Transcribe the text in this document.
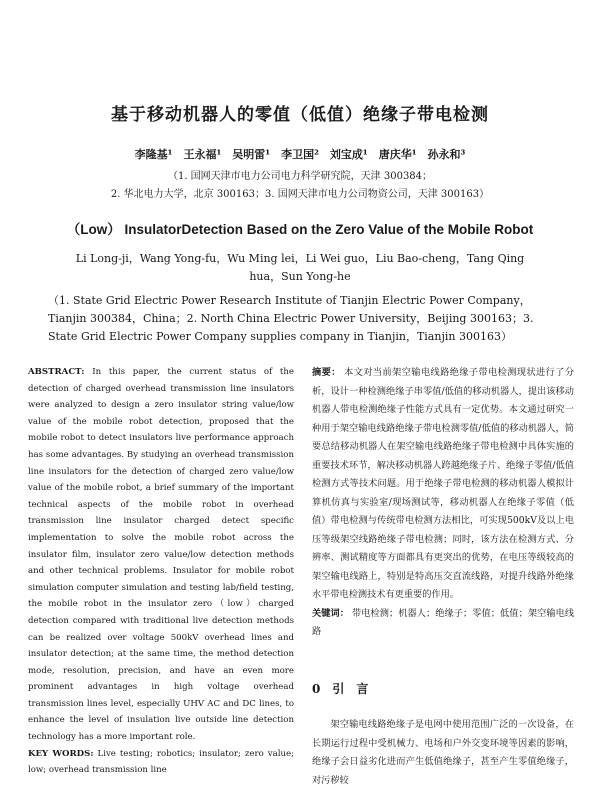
基于移动机器人的零值（低值）绝缘子带电检测
李隆基¹　王永福¹　吴明雷¹　李卫国²　刘宝成¹　唐庆华¹　孙永和³
（1. 国网天津市电力公司电力科学研究院，天津 300384；
2. 华北电力大学，北京 300163；3. 国网天津市电力公司物资公司，天津 300163）
（Low） InsulatorDetection Based on the Zero Value of the Mobile Robot
Li Long-ji，Wang Yong-fu，Wu Ming lei，Li Wei guo，Liu Bao-cheng，Tang Qing hua，Sun Yong-he
（1. State Grid Electric Power Research Institute of Tianjin Electric Power Company，Tianjin 300384，China；2. North China Electric Power University，Beijing 300163；3. State Grid Electric Power Company supplies company in Tianjin，Tianjin 300163）
ABSTRACT: In this paper, the current status of the detection of charged overhead transmission line insulators were analyzed to design a zero insulator string value/low value of the mobile robot detection, proposed that the mobile robot to detect insulators live performance approach has some advantages. By studying an overhead transmission line insulators for the detection of charged zero value/low value of the mobile robot, a brief summary of the important technical aspects of the mobile robot in overhead transmission line insulator charged detect specific implementation to solve the mobile robot across the insulator film, insulator zero value/low detection methods and other technical problems. Insulator for mobile robot simulation computer simulation and testing lab/field testing, the mobile robot in the insulator zero（low）charged detection compared with traditional live detection methods can be realized over voltage 500kV overhead lines and insulator detection; at the same time, the method detection mode, resolution, precision, and have an even more prominent advantages in high voltage overhead transmission lines level, especially UHV AC and DC lines, to enhance the level of insulation live outside line detection technology has a more important role.
KEY WORDS: Live testing; robotics; insulator; zero value; low; overhead transmission line
摘要： 本文对当前架空输电线路绝缘子带电检测现状进行了分析，设计一种检测绝缘子串零值/低值的移动机器人，提出该移动机器人带电检测绝缘子性能方式具有一定优势。本文通过研究一种用于架空输电线路绝缘子带电检测零值/低值的移动机器人，简要总结移动机器人在架空输电线路绝缘子带电检测中具体实施的重要技术环节，解决移动机器人跨越绝缘子片、绝缘子零值/低值检测方式等技术问题。用于绝缘子带电检测的移动机器人模拟计算机仿真与实验室/现场测试等，移动机器人在绝缘子零值（低值）带电检测与传统带电检测方法相比，可实现500kV及以上电压等级架空线路绝缘子带电检测；同时，该方法在检测方式、分辨率、测试精度等方面都具有更突出的优势，在电压等级较高的架空输电线路上，特别是特高压交直流线路，对提升线路外绝缘水平带电检测技术有更重要的作用。
关键词： 带电检测；机器人；绝缘子；零值；低值；架空输电线路
0　引　言
架空输电线路绝缘子是电网中使用范围广泛的一次设备，在长期运行过程中受机械力、电场和户外交变环境等因素的影响，绝缘子会日益劣化进而产生低值绝缘子，甚至产生零值绝缘子，对污秽较
